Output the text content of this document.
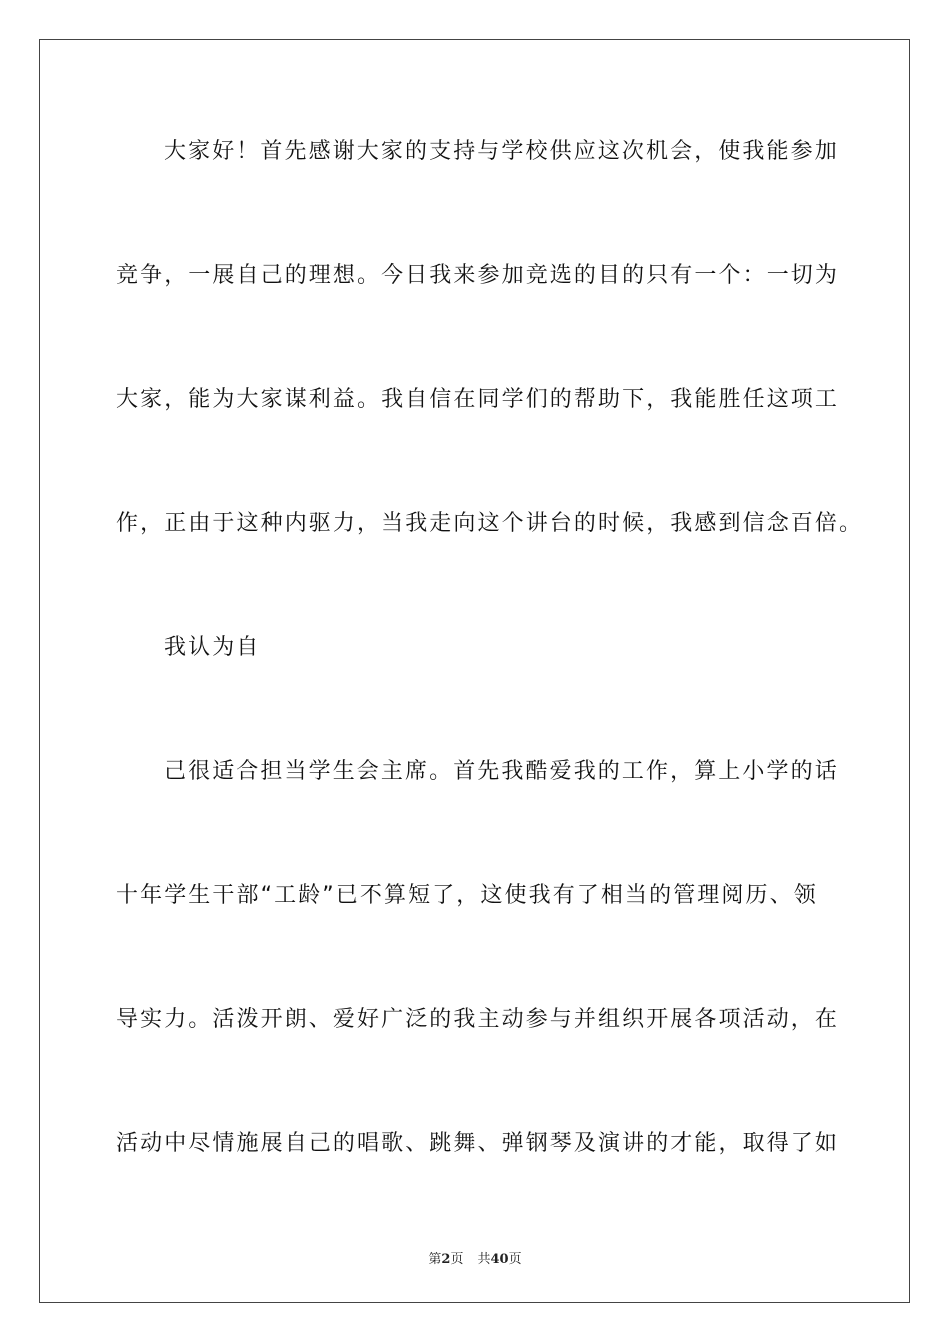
大家好！首先感谢大家的支持与学校供应这次机会，使我能参加
竞争，一展自己的理想。今日我来参加竞选的目的只有一个：一切为
大家，能为大家谋利益。我自信在同学们的帮助下，我能胜任这项工
作，正由于这种内驱力，当我走向这个讲台的时候，我感到信念百倍。
我认为自
己很适合担当学生会主席。首先我酷爱我的工作，算上小学的话
十年学生干部“工龄”已不算短了，这使我有了相当的管理阅历、领
导实力。活泼开朗、爱好广泛的我主动参与并组织开展各项活动，在
活动中尽情施展自己的唱歌、跳舞、弹钢琴及演讲的才能，取得了如
第2页 共40页
